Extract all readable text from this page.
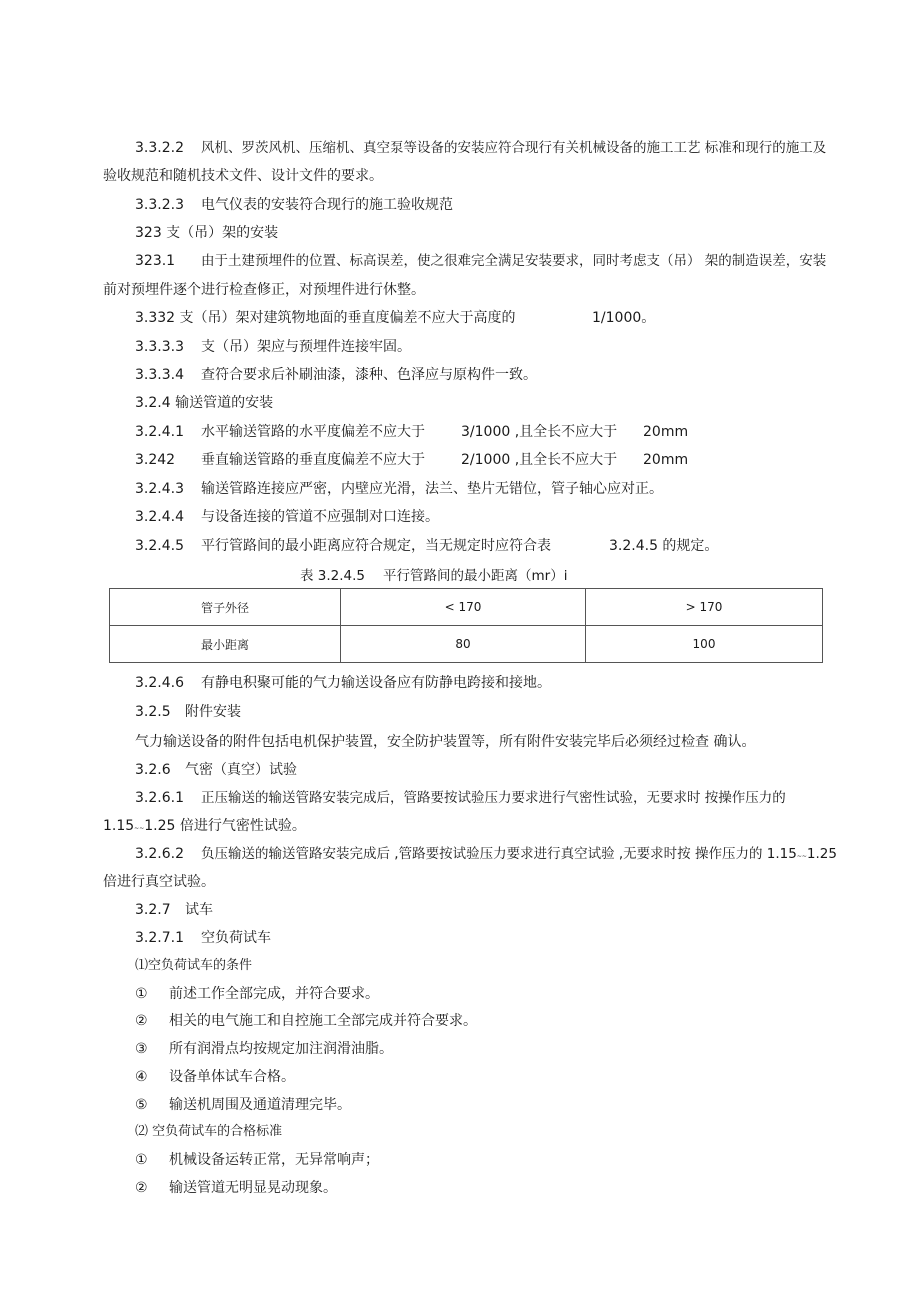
3.3.2.2 风机、罗茨风机、压缩机、真空泵等设备的安装应符合现行有关机械设备的施工工艺 标准和现行的施工及
验收规范和随机技术文件、设计文件的要求。
3.3.2.3 电气仪表的安装符合现行的施工验收规范
323 支（吊）架的安装
323.1 由于土建预埋件的位置、标高误差，使之很难完全满足安装要求，同时考虑支（吊） 架的制造误差，安装
前对预埋件逐个进行检查修正，对预埋件进行休整。
3.332 支（吊）架对建筑物地面的垂直度偏差不应大于高度的	1/1000。
3.3.3.3 支（吊）架应与预埋件连接牢固。
3.3.3.4 查符合要求后补刷油漆，漆种、色泽应与原构件一致。
3.2.4 输送管道的安装
3.2.4.1 水平输送管路的水平度偏差不应大于	3/1000 ,且全长不应大于 20mm
3.242 垂直输送管路的垂直度偏差不应大于	2/1000 ,且全长不应大于 20mm
3.2.4.3 输送管路连接应严密，内壁应光滑，法兰、垫片无错位，管子轴心应对正。
3.2.4.4 与设备连接的管道不应强制对口连接。
3.2.4.5 平行管路间的最小距离应符合规定，当无规定时应符合表	3.2.4.5 的规定。
表 3.2.4.5 平行管路间的最小距离（mr）i
管子外径	< 170	> 170
最小距离	80	100
3.2.4.6 有静电积聚可能的气力输送设备应有防静电跨接和接地。
3.2.5 附件安装
气力输送设备的附件包括电机保护装置，安全防护装置等，所有附件安装完毕后必须经过检查 确认。
3.2.6 气密（真空）试验
3.2.6.1 正压输送的输送管路安装完成后，管路要按试验压力要求进行气密性试验，无要求时 按操作压力的
1.15~~1.25 倍进行气密性试验。
3.2.6.2 负压输送的输送管路安装完成后 ,管路要按试验压力要求进行真空试验 ,无要求时按 操作压力的 1.15~~1.25
倍进行真空试验。
3.2.7 试车
3.2.7.1 空负荷试车
⑴空负荷试车的条件
① 前述工作全部完成，并符合要求。
② 相关的电气施工和自控施工全部完成并符合要求。
③ 所有润滑点均按规定加注润滑油脂。
④ 设备单体试车合格。
⑤ 输送机周围及通道清理完毕。
⑵ 空负荷试车的合格标准
① 机械设备运转正常，无异常响声；
② 输送管道无明显晃动现象。
